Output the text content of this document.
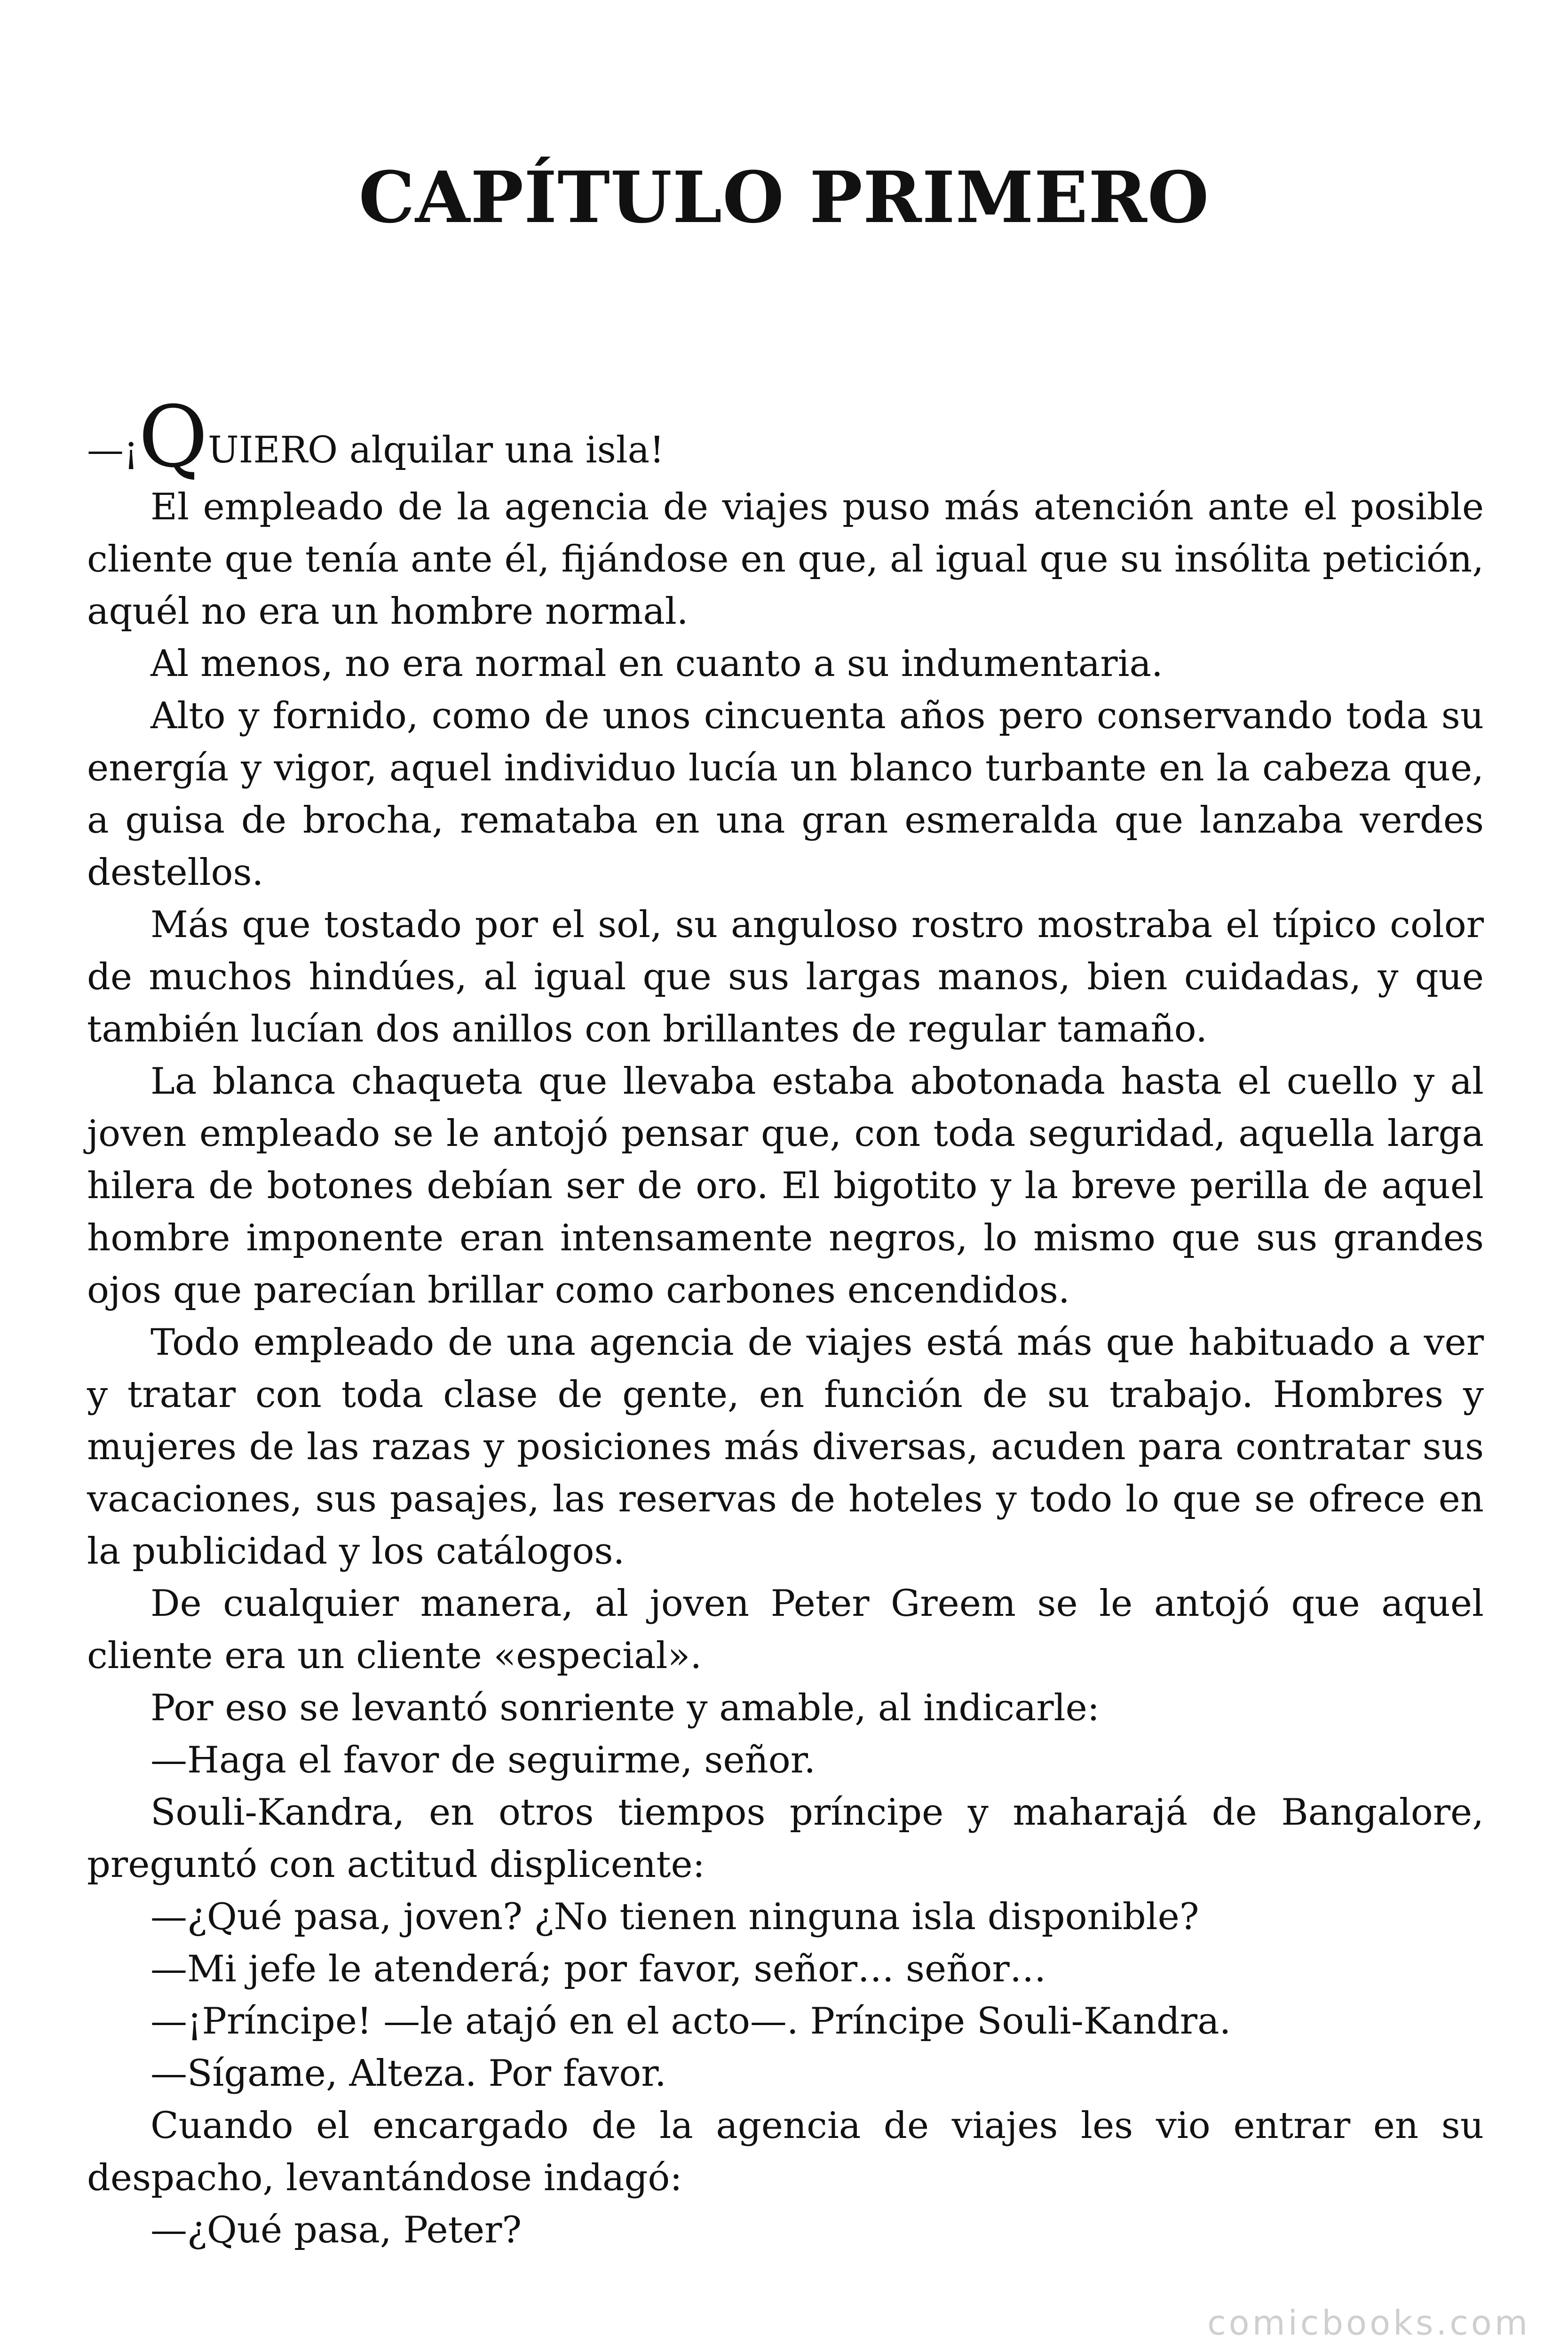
CAPÍTULO PRIMERO

—¡QUIERO alquilar una isla!

El empleado de la agencia de viajes puso más atención ante el posible cliente que tenía ante él, fijándose en que, al igual que su insólita petición, aquél no era un hombre normal.

Al menos, no era normal en cuanto a su indumentaria.

Alto y fornido, como de unos cincuenta años pero conservando toda su energía y vigor, aquel individuo lucía un blanco turbante en la cabeza que, a guisa de brocha, remataba en una gran esmeralda que lanzaba verdes destellos.

Más que tostado por el sol, su anguloso rostro mostraba el típico color de muchos hindúes, al igual que sus largas manos, bien cuidadas, y que también lucían dos anillos con brillantes de regular tamaño.

La blanca chaqueta que llevaba estaba abotonada hasta el cuello y al joven empleado se le antojó pensar que, con toda seguridad, aquella larga hilera de botones debían ser de oro. El bigotito y la breve perilla de aquel hombre imponente eran intensamente negros, lo mismo que sus grandes ojos que parecían brillar como carbones encendidos.

Todo empleado de una agencia de viajes está más que habituado a ver y tratar con toda clase de gente, en función de su trabajo. Hombres y mujeres de las razas y posiciones más diversas, acuden para contratar sus vacaciones, sus pasajes, las reservas de hoteles y todo lo que se ofrece en la publicidad y los catálogos.

De cualquier manera, al joven Peter Greem se le antojó que aquel cliente era un cliente «especial».

Por eso se levantó sonriente y amable, al indicarle:

—Haga el favor de seguirme, señor.

Souli-Kandra, en otros tiempos príncipe y maharajá de Bangalore, preguntó con actitud displicente:

—¿Qué pasa, joven? ¿No tienen ninguna isla disponible?

—Mi jefe le atenderá; por favor, señor… señor…

—¡Príncipe! —le atajó en el acto—. Príncipe Souli-Kandra.

—Sígame, Alteza. Por favor.

Cuando el encargado de la agencia de viajes les vio entrar en su despacho, levantándose indagó:

—¿Qué pasa, Peter?

comicbooks.com
